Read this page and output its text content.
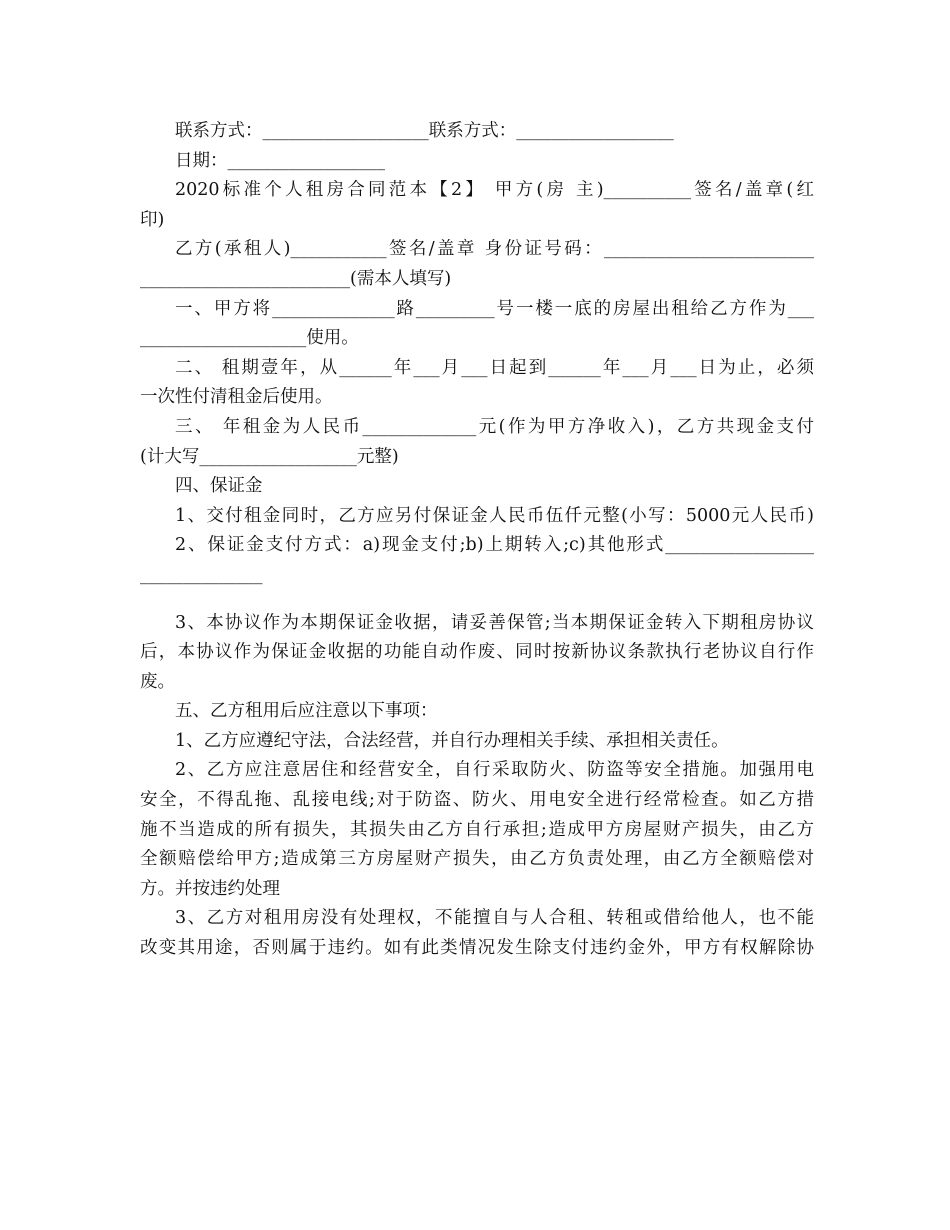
联系方式：___________________联系方式：__________________
日期：__________________
2020标准个人租房合同范本【2】 甲方(房 主)__________签名/盖章(红
印)
乙方(承租人)___________签名/盖章 身份证号码：________________________
________________________(需本人填写)
一、甲方将______________路_________号一楼一底的房屋出租给乙方作为___
___________________使用。
二、 租期壹年，从______年___月___日起到______年___月___日为止，必须
一次性付清租金后使用。
三、 年租金为人民币_____________元(作为甲方净收入)，乙方共现金支付
(计大写__________________元整)
四、保证金
1、交付租金同时，乙方应另付保证金人民币伍仟元整(小写：5000元人民币)
2、保证金支付方式：a)现金支付;b)上期转入;c)其他形式_________________
______________
3、本协议作为本期保证金收据，请妥善保管;当本期保证金转入下期租房协议
后，本协议作为保证金收据的功能自动作废、同时按新协议条款执行老协议自行作
废。
五、乙方租用后应注意以下事项：
1、乙方应遵纪守法，合法经营，并自行办理相关手续、承担相关责任。
2、乙方应注意居住和经营安全，自行采取防火、防盗等安全措施。加强用电
安全，不得乱拖、乱接电线;对于防盗、防火、用电安全进行经常检查。如乙方措
施不当造成的所有损失，其损失由乙方自行承担;造成甲方房屋财产损失，由乙方
全额赔偿给甲方;造成第三方房屋财产损失，由乙方负责处理，由乙方全额赔偿对
方。并按违约处理
3、乙方对租用房没有处理权，不能擅自与人合租、转租或借给他人，也不能
改变其用途，否则属于违约。如有此类情况发生除支付违约金外，甲方有权解除协
